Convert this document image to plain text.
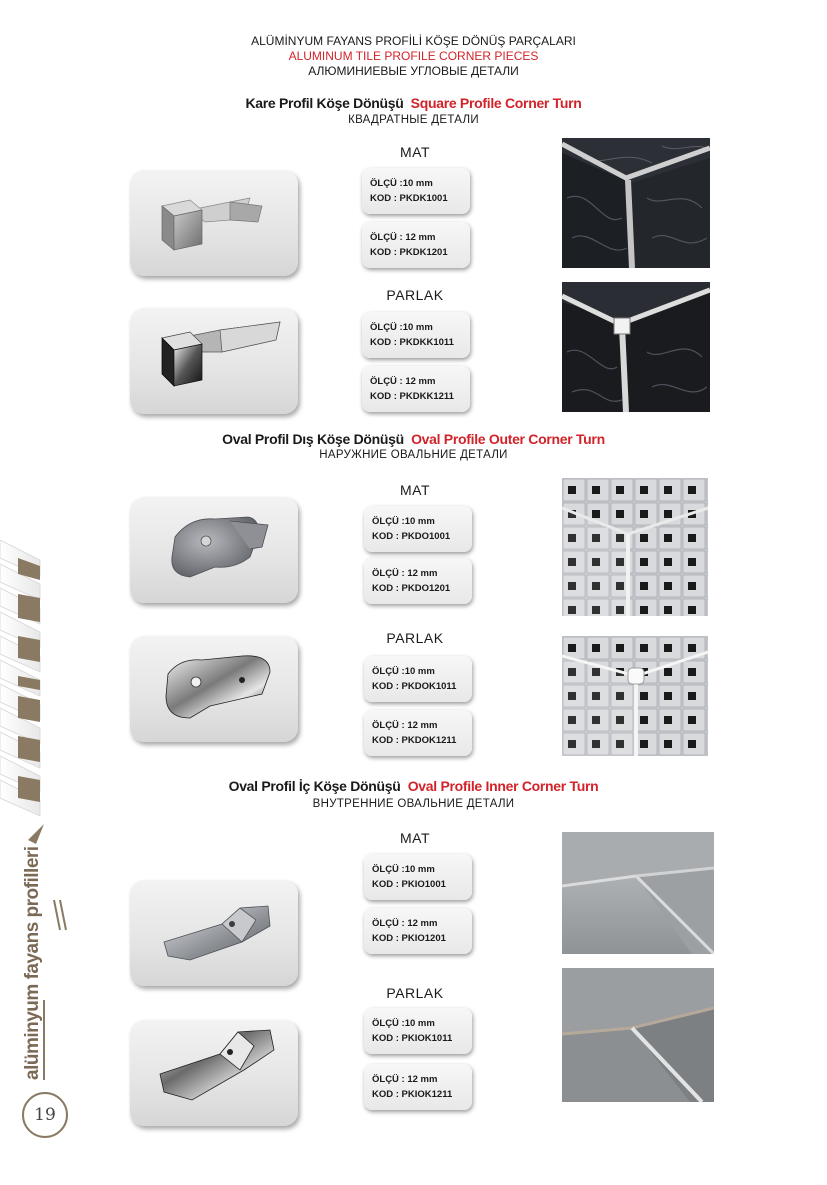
ALÜMİNYUM FAYANS PROFİLİ KÖŞE DÖNÜŞ PARÇALARI
ALUMINUM TILE PROFILE CORNER PIECES
АЛЮМИНИЕВЫЕ УГЛОВЫЕ ДЕТАЛИ
Kare Profil Köşe Dönüşü Square Profile Corner Turn
КВАДРАТНЫЕ ДЕТАЛИ
MAT
PARLAK
ÖLÇÜ :10 mm
KOD : PKDK1001
ÖLÇÜ : 12 mm
KOD : PKDK1201
ÖLÇÜ :10 mm
KOD : PKDKK1011
ÖLÇÜ : 12 mm
KOD : PKDKK1211
Oval Profil Dış Köşe Dönüşü Oval Profile Outer Corner Turn
НАРУЖНИЕ ОВАЛЬНИЕ ДЕТАЛИ
MAT
PARLAK
ÖLÇÜ :10 mm
KOD : PKDO1001
ÖLÇÜ : 12 mm
KOD : PKDO1201
ÖLÇÜ :10 mm
KOD : PKDOK1011
ÖLÇÜ : 12 mm
KOD : PKDOK1211
Oval Profil İç Köşe Dönüşü Oval Profile Inner Corner Turn
ВНУТРЕННИЕ ОВАЛЬНИЕ ДЕТАЛИ
MAT
PARLAK
ÖLÇÜ :10 mm
KOD : PKIO1001
ÖLÇÜ : 12 mm
KOD : PKIO1201
ÖLÇÜ :10 mm
KOD : PKIOK1011
ÖLÇÜ : 12 mm
KOD : PKIOK1211
alüminyum fayans profilleri
19
